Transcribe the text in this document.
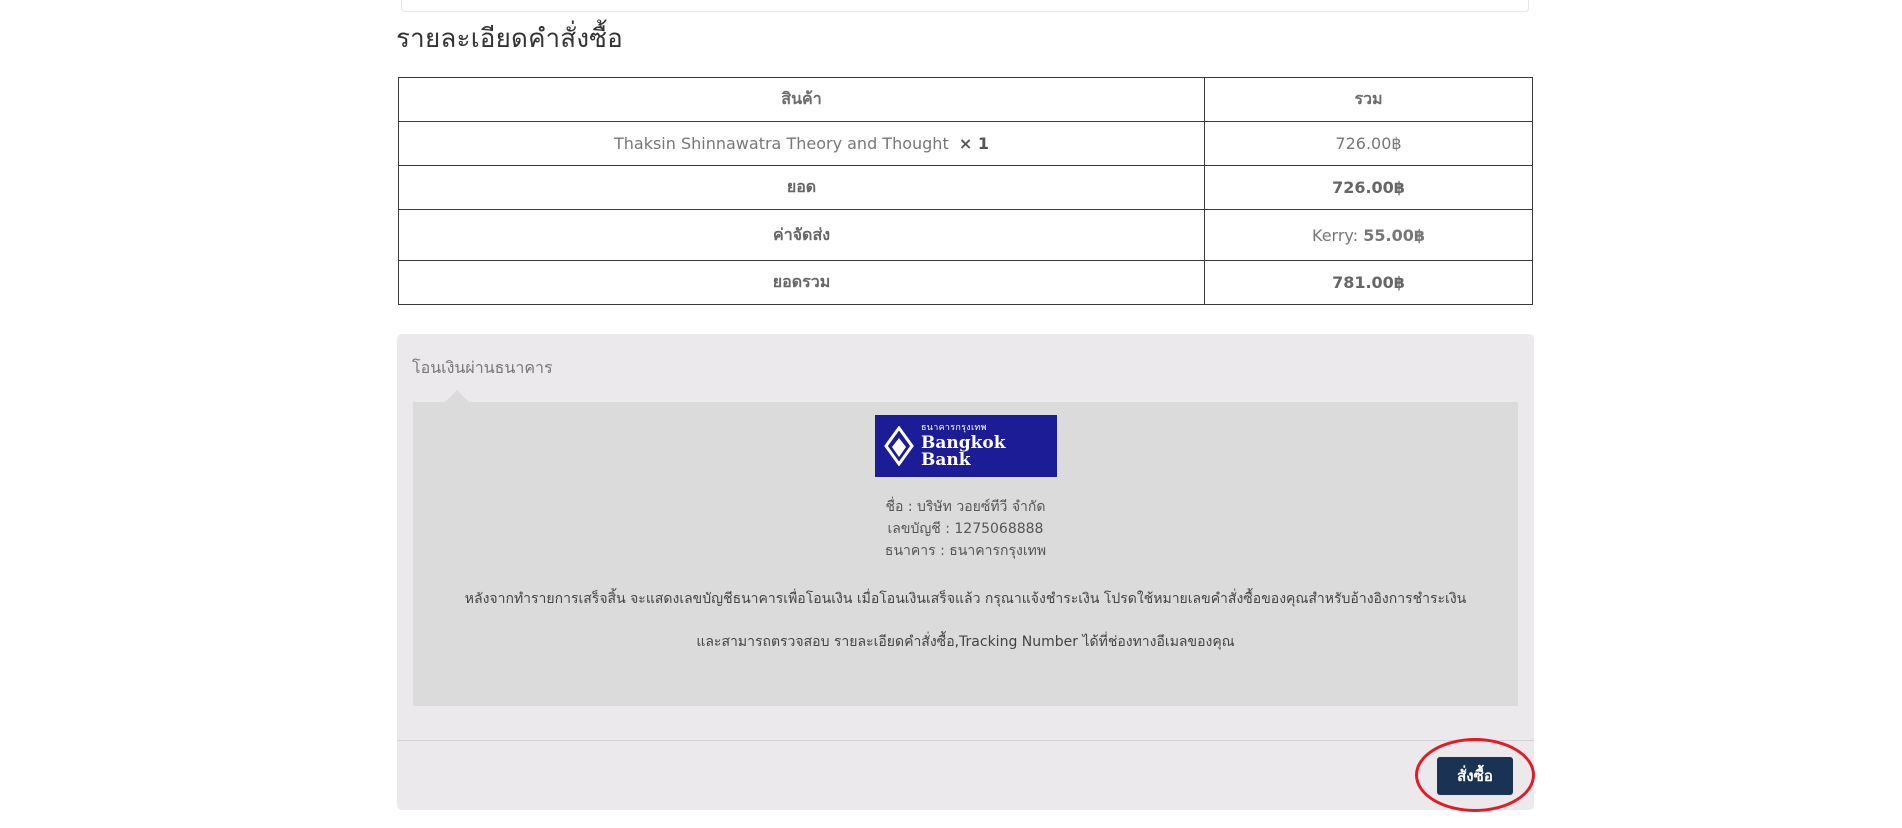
รายละเอียดคำสั่งซื้อ
สินค้า	รวม
Thaksin Shinnawatra Theory and Thought × 1	726.00฿
ยอด	726.00฿
ค่าจัดส่ง	Kerry: 55.00฿
ยอดรวม	781.00฿
โอนเงินผ่านธนาคาร
ธนาคารกรุงเทพ
Bangkok Bank
ชื่อ : บริษัท วอยซ์ทีวี จำกัด
เลขบัญชี : 1275068888
ธนาคาร : ธนาคารกรุงเทพ
หลังจากทำรายการเสร็จสิ้น จะแสดงเลขบัญชีธนาคารเพื่อโอนเงิน เมื่อโอนเงินเสร็จแล้ว กรุณาแจ้งชำระเงิน โปรดใช้หมายเลขคำสั่งซื้อของคุณสำหรับอ้างอิงการชำระเงิน
และสามารถตรวจสอบ รายละเอียดคำสั่งซื้อ,Tracking Number ได้ที่ช่องทางอีเมลของคุณ
สั่งซื้อ
